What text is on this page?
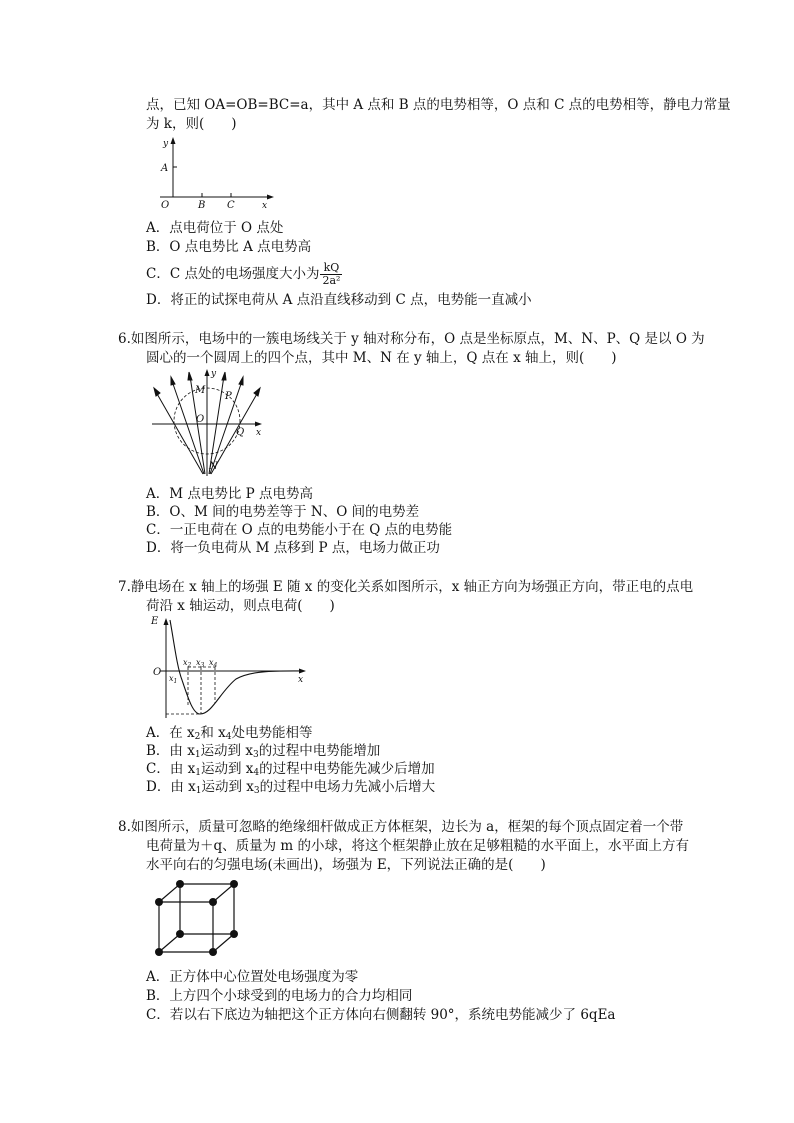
点，已知 OA=OB=BC=a，其中 A 点和 B 点的电势相等，O 点和 C 点的电势相等，静电力常量
为 k，则(　　)
y
A
O	B C	x
A．点电荷位于 O 点处
B．O 点电势比 A 点电势高
C．C 点处的电场强度大小为 $\frac{kQ}{\text{2a²}}$
D．将正的试探电荷从 A 点沿直线移动到 C 点，电势能一直减小
6.如图所示，电场中的一簇电场线关于 y 轴对称分布，O 点是坐标原点，M、N、P、Q 是以 O 为
圆心的一个圆周上的四个点，其中 M、N 在 y 轴上，Q 点在 x 轴上，则(　　)
y
M
P
O
Q x
N
A．M 点电势比 P 点电势高
B．O、M 间的电势差等于 N、O 间的电势差
C．一正电荷在 O 点的电势能小于在 Q 点的电势能
D．将一负电荷从 M 点移到 P 点，电场力做正功
7.静电场在 x 轴上的场强 E 随 x 的变化关系如图所示，x 轴正方向为场强正方向，带正电的点电
荷沿 x 轴运动，则点电荷(　　)
E
O
x
$x_1$
$x_2$ $x_3$ $x_4$
A．在 $x_2$和 $x_4$处电势能相等
B．由 $x_1$运动到 $x_3$的过程中电势能增加
C．由 $x_1$运动到 $x_4$的过程中电势能先减少后增加
D．由 $x_1$运动到 $x_3$的过程中电场力先减小后增大
8.如图所示，质量可忽略的绝缘细杆做成正方体框架，边长为 a，框架的每个顶点固定着一个带
电荷量为＋q、质量为 m 的小球，将这个框架静止放在足够粗糙的水平面上，水平面上方有
水平向右的匀强电场(未画出)，场强为 E，下列说法正确的是(　　)
A．正方体中心位置处电场强度为零
B．上方四个小球受到的电场力的合力均相同
C．若以右下底边为轴把这个正方体向右侧翻转 90°，系统电势能减少了 6qEa
